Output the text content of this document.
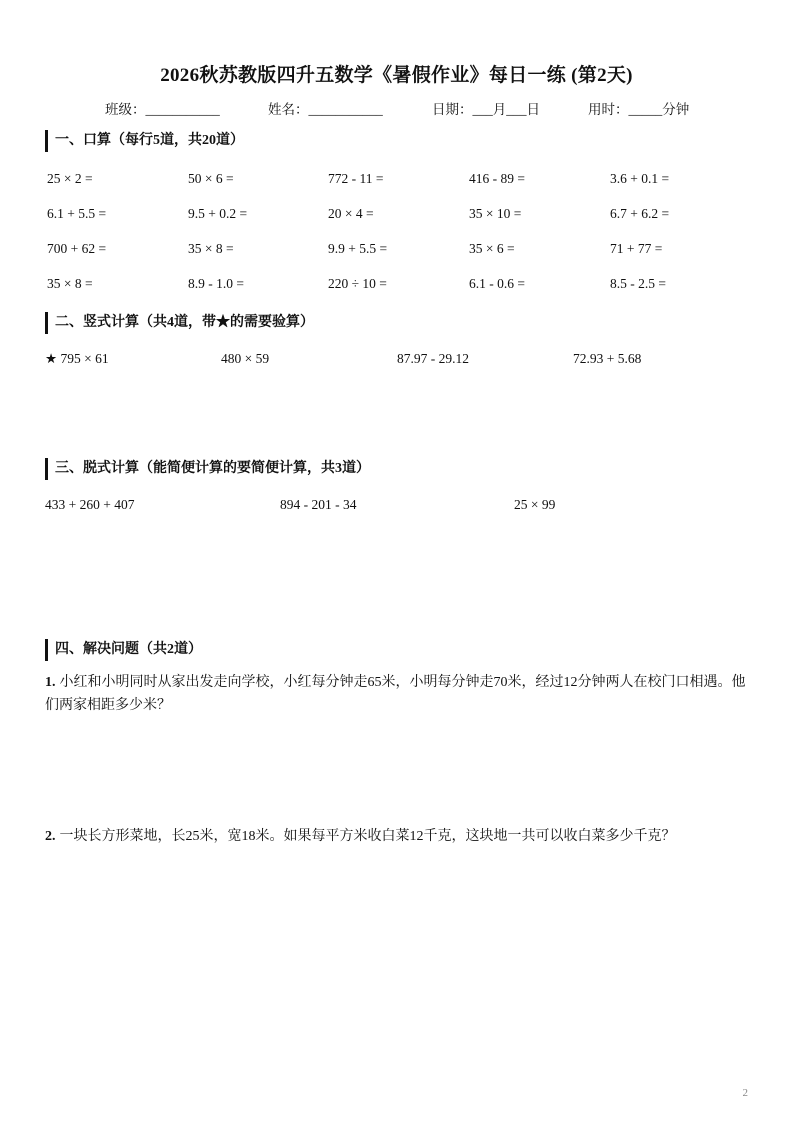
2026秋苏教版四升五数学《暑假作业》每日一练 (第2天)
班级：___________	姓名：___________	日期：___月___日	用时：_____分钟
一、口算（每行5道，共20道）
25 × 2 =	50 × 6 =	772 - 11 =	416 - 89 =	3.6 + 0.1 =
6.1 + 5.5 =	9.5 + 0.2 =	20 × 4 =	35 × 10 =	6.7 + 6.2 =
700 + 62 =	35 × 8 =	9.9 + 5.5 =	35 × 6 =	71 + 77 =
35 × 8 =	8.9 - 1.0 =	220 ÷ 10 =	6.1 - 0.6 =	8.5 - 2.5 =
二、竖式计算（共4道，带★的需要验算）
★ 795 × 61	480 × 59	87.97 - 29.12	72.93 + 5.68
三、脱式计算（能简便计算的要简便计算，共3道）
433 + 260 + 407	894 - 201 - 34	25 × 99
四、解决问题（共2道）
1. 小红和小明同时从家出发走向学校，小红每分钟走65米，小明每分钟走70米，经过12分钟两人在校门口相遇。他们两家相距多少米？
2. 一块长方形菜地，长25米，宽18米。如果每平方米收白菜12千克，这块地一共可以收白菜多少千克？
2
